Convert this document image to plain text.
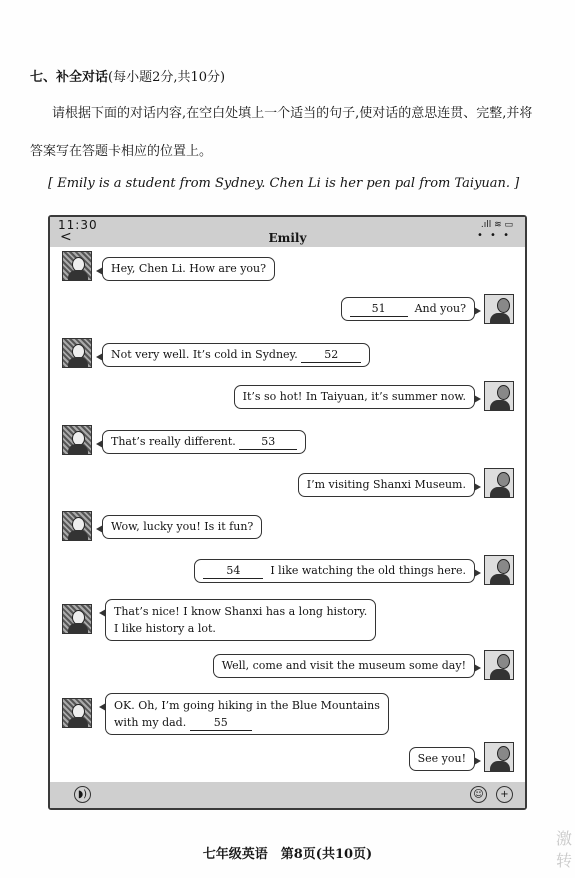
七、补全对话(每小题2分,共10分)
请根据下面的对话内容,在空白处填上一个适当的句子,使对话的意思连贯、完整,并将
答案写在答题卡相应的位置上。
[ Emily is a student from Sydney. Chen Li is her pen pal from Taiyuan. ]
11:30	.ıll ≋ ▭
<	Emily	• • •
Hey, Chen Li. How are you?
51	And you?
Not very well. It’s cold in Sydney. 52
It’s so hot! In Taiyuan, it’s summer now.
That’s really different. 53
I’m visiting Shanxi Museum.
Wow, lucky you! Is it fun?
54	I like watching the old things here.
That’s nice! I know Shanxi has a long history.
I like history a lot.
Well, come and visit the museum some day!
OK. Oh, I’m going hiking in the Blue Mountains
with my dad.	55
See you!
◗)	☺	+
七年级英语　第8页(共10页)
激
转
